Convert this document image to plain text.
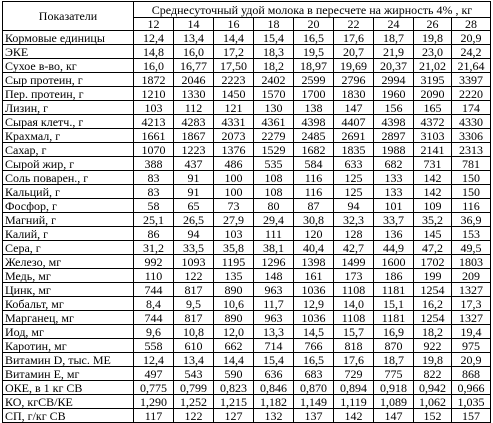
Показатели	Среднесуточный удой молока в пересчете на жирность 4% , кг								
	12	14	16	18	20	22	24	26	28
Кормовые единицы	12,4	13,4	14,4	15,4	16,5	17,6	18,7	19,8	20,9
ЭКЕ	14,8	16,0	17,2	18,3	19,5	20,7	21,9	23,0	24,2
Сухое в-во, кг	16,0	16,77	17,50	18,2	18,97	19,69	20,37	21,02	21,64
Сыр протеин, г	1872	2046	2223	2402	2599	2796	2994	3195	3397
Пер. протеин, г	1210	1330	1450	1570	1700	1830	1960	2090	2220
Лизин, г	103	112	121	130	138	147	156	165	174
Сырая клетч., г	4213	4283	4331	4361	4398	4407	4398	4372	4330
Крахмал, г	1661	1867	2073	2279	2485	2691	2897	3103	3306
Сахар, г	1070	1223	1376	1529	1682	1835	1988	2141	2313
Сырой жир, г	388	437	486	535	584	633	682	731	781
Соль поварен., г	83	91	100	108	116	125	133	142	150
Кальций, г	83	91	100	108	116	125	133	142	150
Фосфор, г	58	65	73	80	87	94	101	109	116
Магний, г	25,1	26,5	27,9	29,4	30,8	32,3	33,7	35,2	36,9
Калий, г	86	94	103	111	120	128	136	145	153
Сера, г	31,2	33,5	35,8	38,1	40,4	42,7	44,9	47,2	49,5
Железо, мг	992	1093	1195	1296	1398	1499	1600	1702	1803
Медь, мг	110	122	135	148	161	173	186	199	209
Цинк, мг	744	817	890	963	1036	1108	1181	1254	1327
Кобальт, мг	8,4	9,5	10,6	11,7	12,9	14,0	15,1	16,2	17,3
Марганец, мг	744	817	890	963	1036	1108	1181	1254	1327
Иод, мг	9,6	10,8	12,0	13,3	14,5	15,7	16,9	18,2	19,4
Каротин, мг	558	610	662	714	766	818	870	922	975
Витамин D, тыс. МЕ	12,4	13,4	14,4	15,4	16,5	17,6	18,7	19,8	20,9
Витамин Е, мг	497	543	590	636	683	729	775	822	868
ОКЕ, в 1 кг СВ	0,775	0,799	0,823	0,846	0,870	0,894	0,918	0,942	0,966
КО, кгСВ/КЕ	1,290	1,252	1,215	1,182	1,149	1,119	1,089	1,062	1,035
СП, г/кг СВ	117	122	127	132	137	142	147	152	157
